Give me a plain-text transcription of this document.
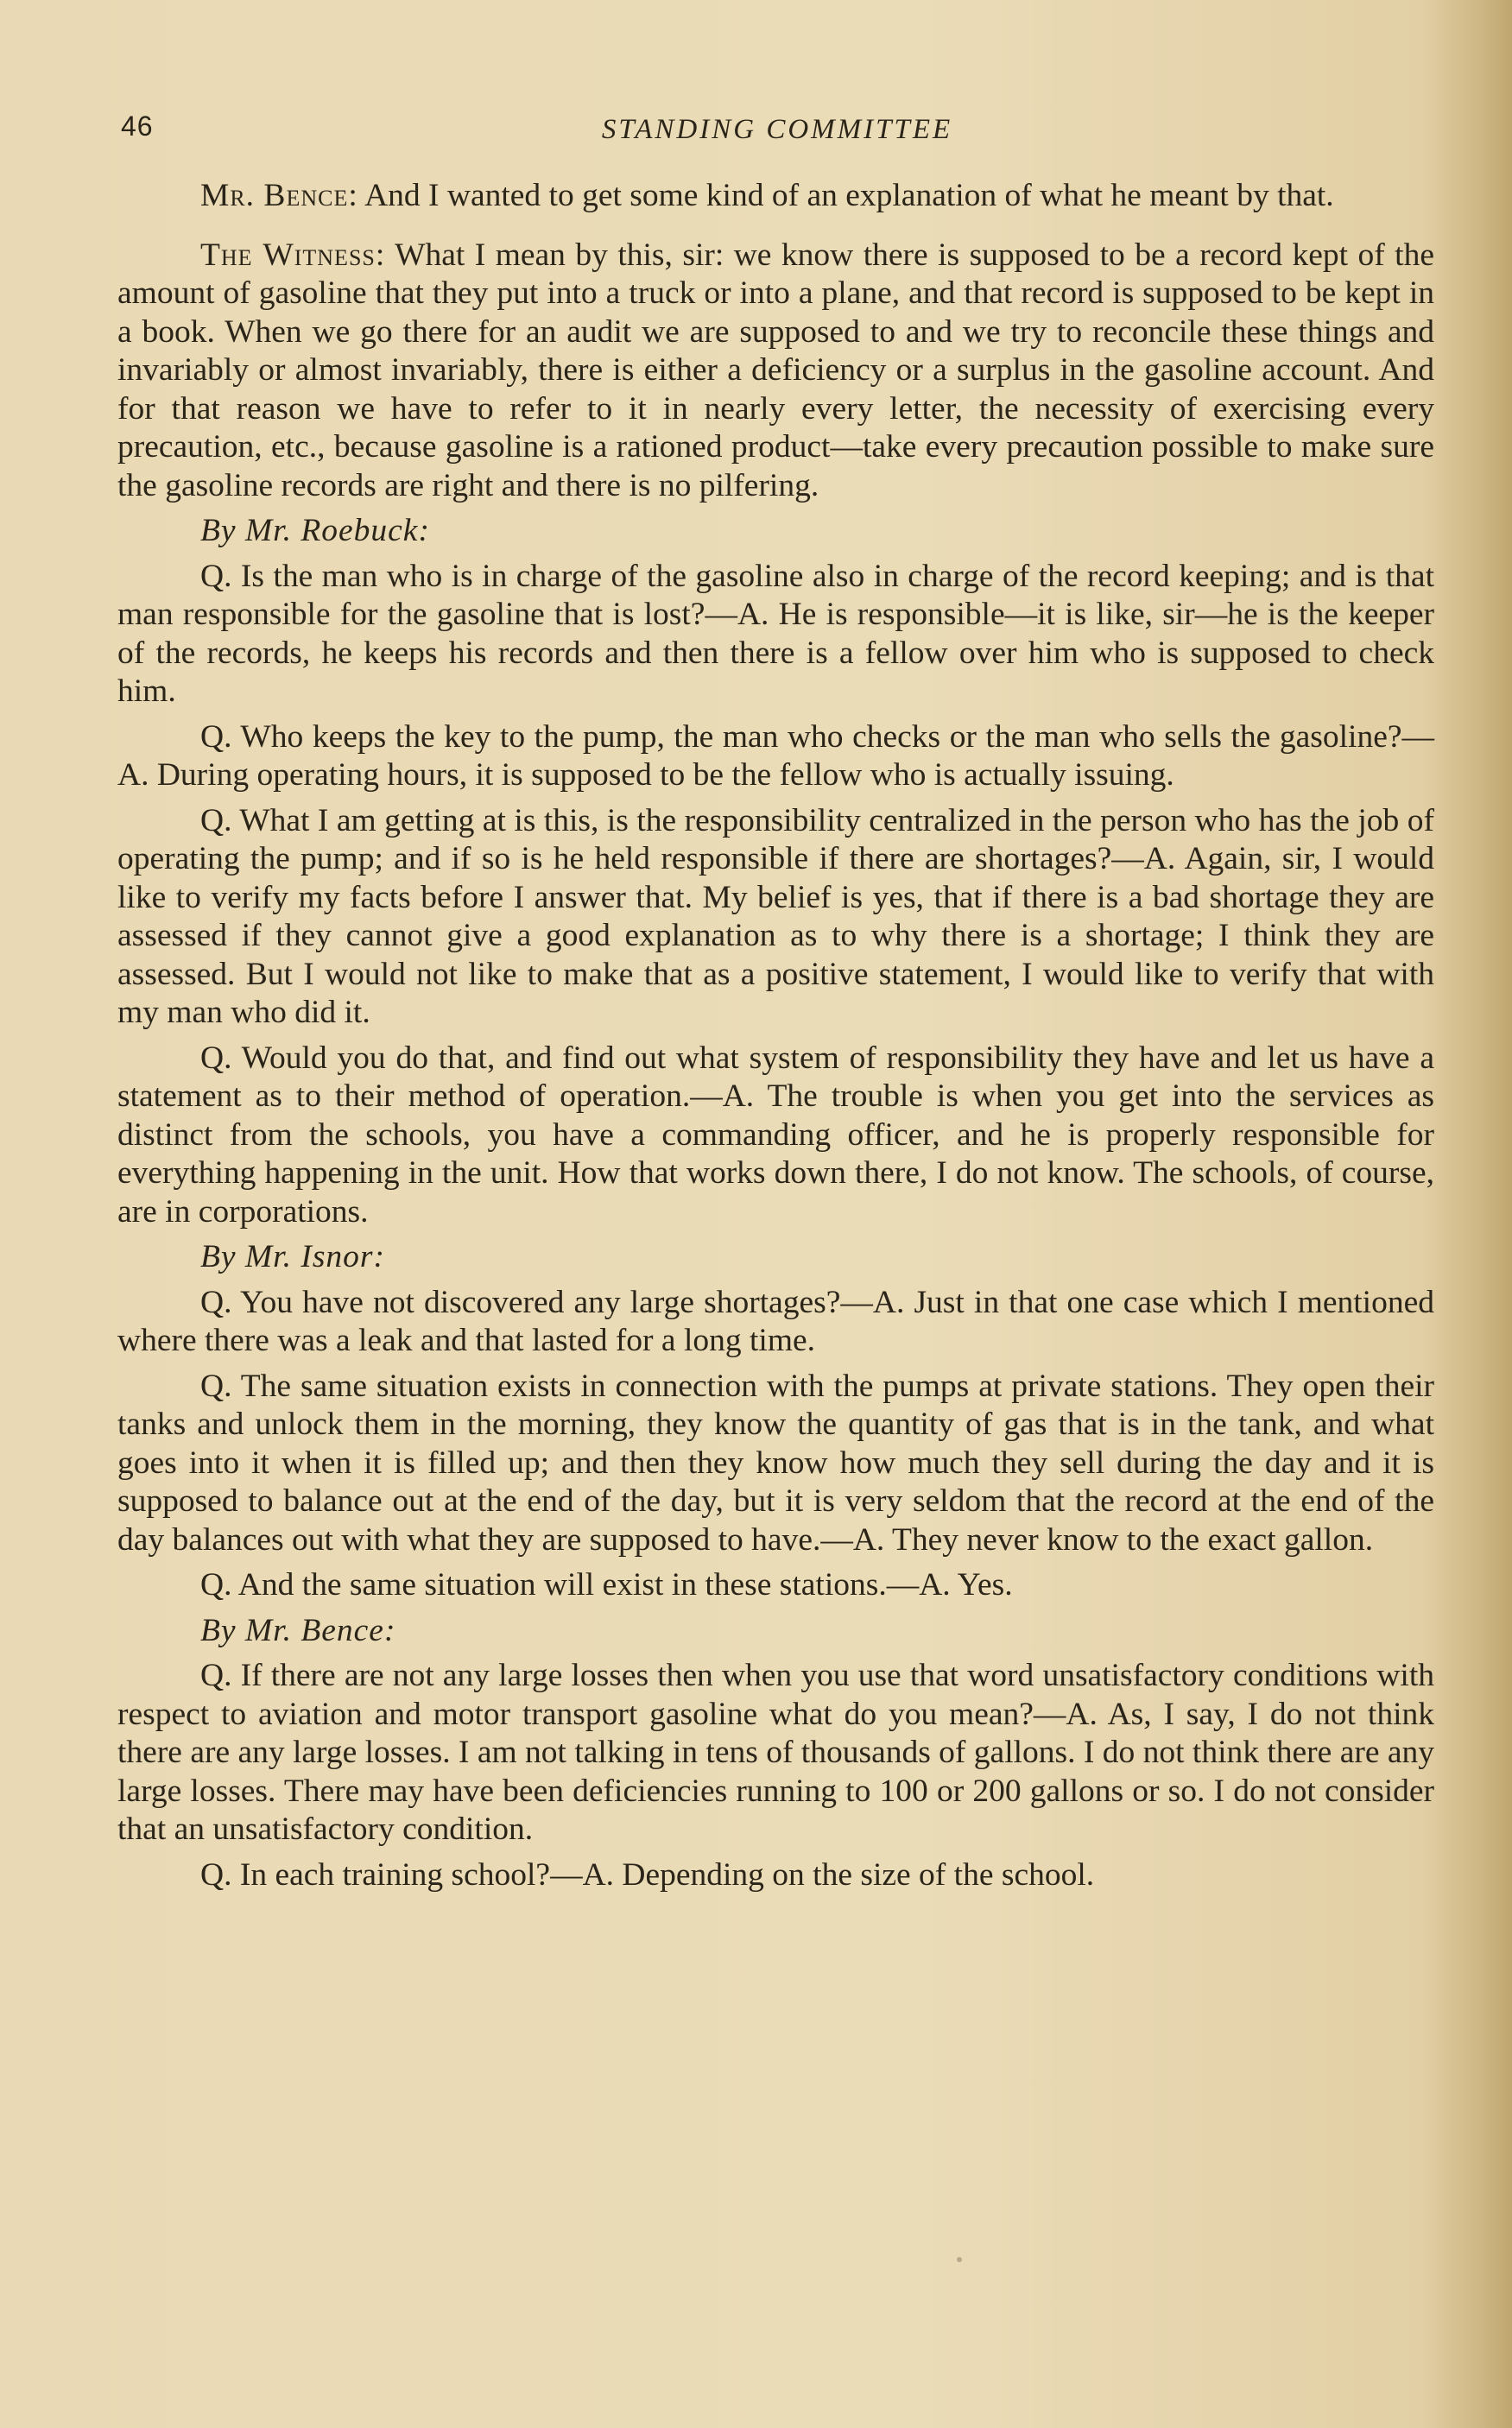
46	STANDING COMMITTEE

Mr. Bence: And I wanted to get some kind of an explanation of what he meant by that.

The Witness: What I mean by this, sir: we know there is supposed to be a record kept of the amount of gasoline that they put into a truck or into a plane, and that record is supposed to be kept in a book. When we go there for an audit we are supposed to and we try to reconcile these things and invariably or almost invariably, there is either a deficiency or a surplus in the gasoline account. And for that reason we have to refer to it in nearly every letter, the necessity of exercising every precaution, etc., because gasoline is a rationed product—take every precaution possible to make sure the gasoline records are right and there is no pilfering.

By Mr. Roebuck:

Q. Is the man who is in charge of the gasoline also in charge of the record keeping; and is that man responsible for the gasoline that is lost?—A. He is responsible—it is like, sir—he is the keeper of the records, he keeps his records and then there is a fellow over him who is supposed to check him.

Q. Who keeps the key to the pump, the man who checks or the man who sells the gasoline?—A. During operating hours, it is supposed to be the fellow who is actually issuing.

Q. What I am getting at is this, is the responsibility centralized in the person who has the job of operating the pump; and if so is he held responsible if there are shortages?—A. Again, sir, I would like to verify my facts before I answer that. My belief is yes, that if there is a bad shortage they are assessed if they cannot give a good explanation as to why there is a shortage; I think they are assessed. But I would not like to make that as a positive statement, I would like to verify that with my man who did it.

Q. Would you do that, and find out what system of responsibility they have and let us have a statement as to their method of operation.—A. The trouble is when you get into the services as distinct from the schools, you have a commanding officer, and he is properly responsible for everything happening in the unit. How that works down there, I do not know. The schools, of course, are in corporations.

By Mr. Isnor:

Q. You have not discovered any large shortages?—A. Just in that one case which I mentioned where there was a leak and that lasted for a long time.

Q. The same situation exists in connection with the pumps at private stations. They open their tanks and unlock them in the morning, they know the quantity of gas that is in the tank, and what goes into it when it is filled up; and then they know how much they sell during the day and it is supposed to balance out at the end of the day, but it is very seldom that the record at the end of the day balances out with what they are supposed to have.—A. They never know to the exact gallon.

Q. And the same situation will exist in these stations.—A. Yes.

By Mr. Bence:

Q. If there are not any large losses then when you use that word unsatisfactory conditions with respect to aviation and motor transport gasoline what do you mean?—A. As, I say, I do not think there are any large losses. I am not talking in tens of thousands of gallons. I do not think there are any large losses. There may have been deficiencies running to 100 or 200 gallons or so. I do not consider that an unsatisfactory condition.

Q. In each training school?—A. Depending on the size of the school.
